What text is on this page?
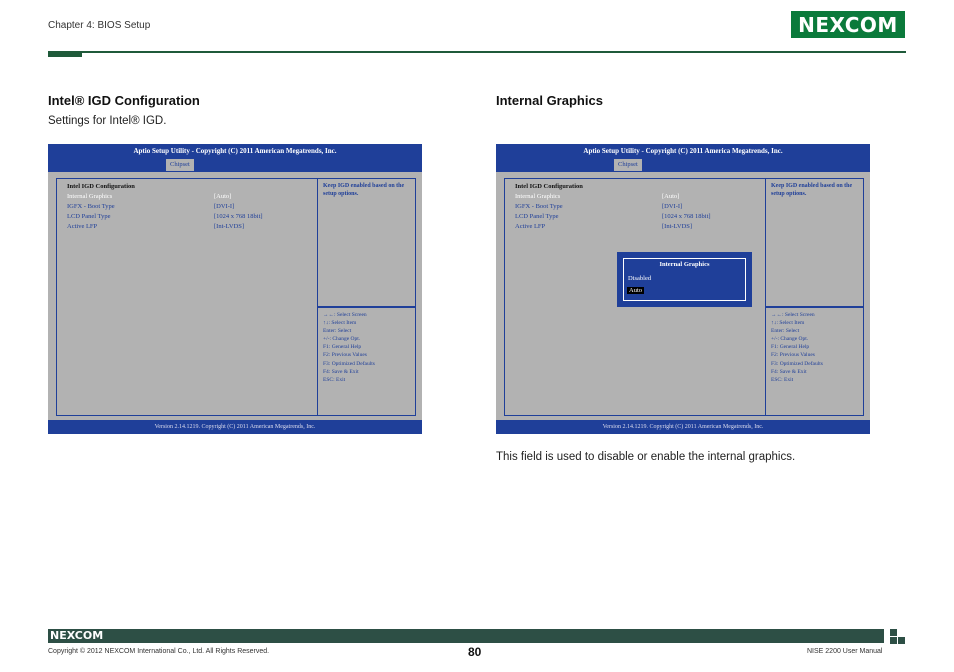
Chapter 4: BIOS Setup	NEXCOM
Intel® IGD Configuration
Settings for Intel® IGD.
Aptio Setup Utility - Copyright (C) 2011 American Megatrends, Inc.
Chipset
Intel IGD Configuration
Internal Graphics	[Auto]
IGFX - Boot Type	[DVI-I]
LCD Panel Type	[1024 x 768 18bit]
Active LFP	[Int-LVDS]
Keep IGD enabled based on the setup options.
→←: Select Screen
↑↓: Select Item
Enter: Select
+/-: Change Opt.
F1: General Help
F2: Previous Values
F3: Optimized Defaults
F4: Save & Exit
ESC: Exit
Version 2.14.1219. Copyright (C) 2011 American Megatrends, Inc.
Internal Graphics
Aptio Setup Utility - Copyright (C) 2011 America Megatrends, Inc.
Chipset
Intel IGD Configuration
Internal Graphics	[Auto]
IGFX - Boot Type	[DVI-I]
LCD Panel Type	[1024 x 768 18bit]
Active LFP	[Int-LVDS]
Keep IGD enabled based on the setup options.
→←: Select Screen
↑↓: Select Item
Enter: Select
+/-: Change Opt.
F1: General Help
F2: Previous Values
F3: Optimized Defaults
F4: Save & Exit
ESC: Exit
Internal Graphics
Disabled
Auto
Version 2.14.1219. Copyright (C) 2011 American Megatrends, Inc.
This field is used to disable or enable the internal graphics.
NEXCOM
Copyright © 2012 NEXCOM International Co., Ltd. All Rights Reserved.	80	NISE 2200 User Manual
